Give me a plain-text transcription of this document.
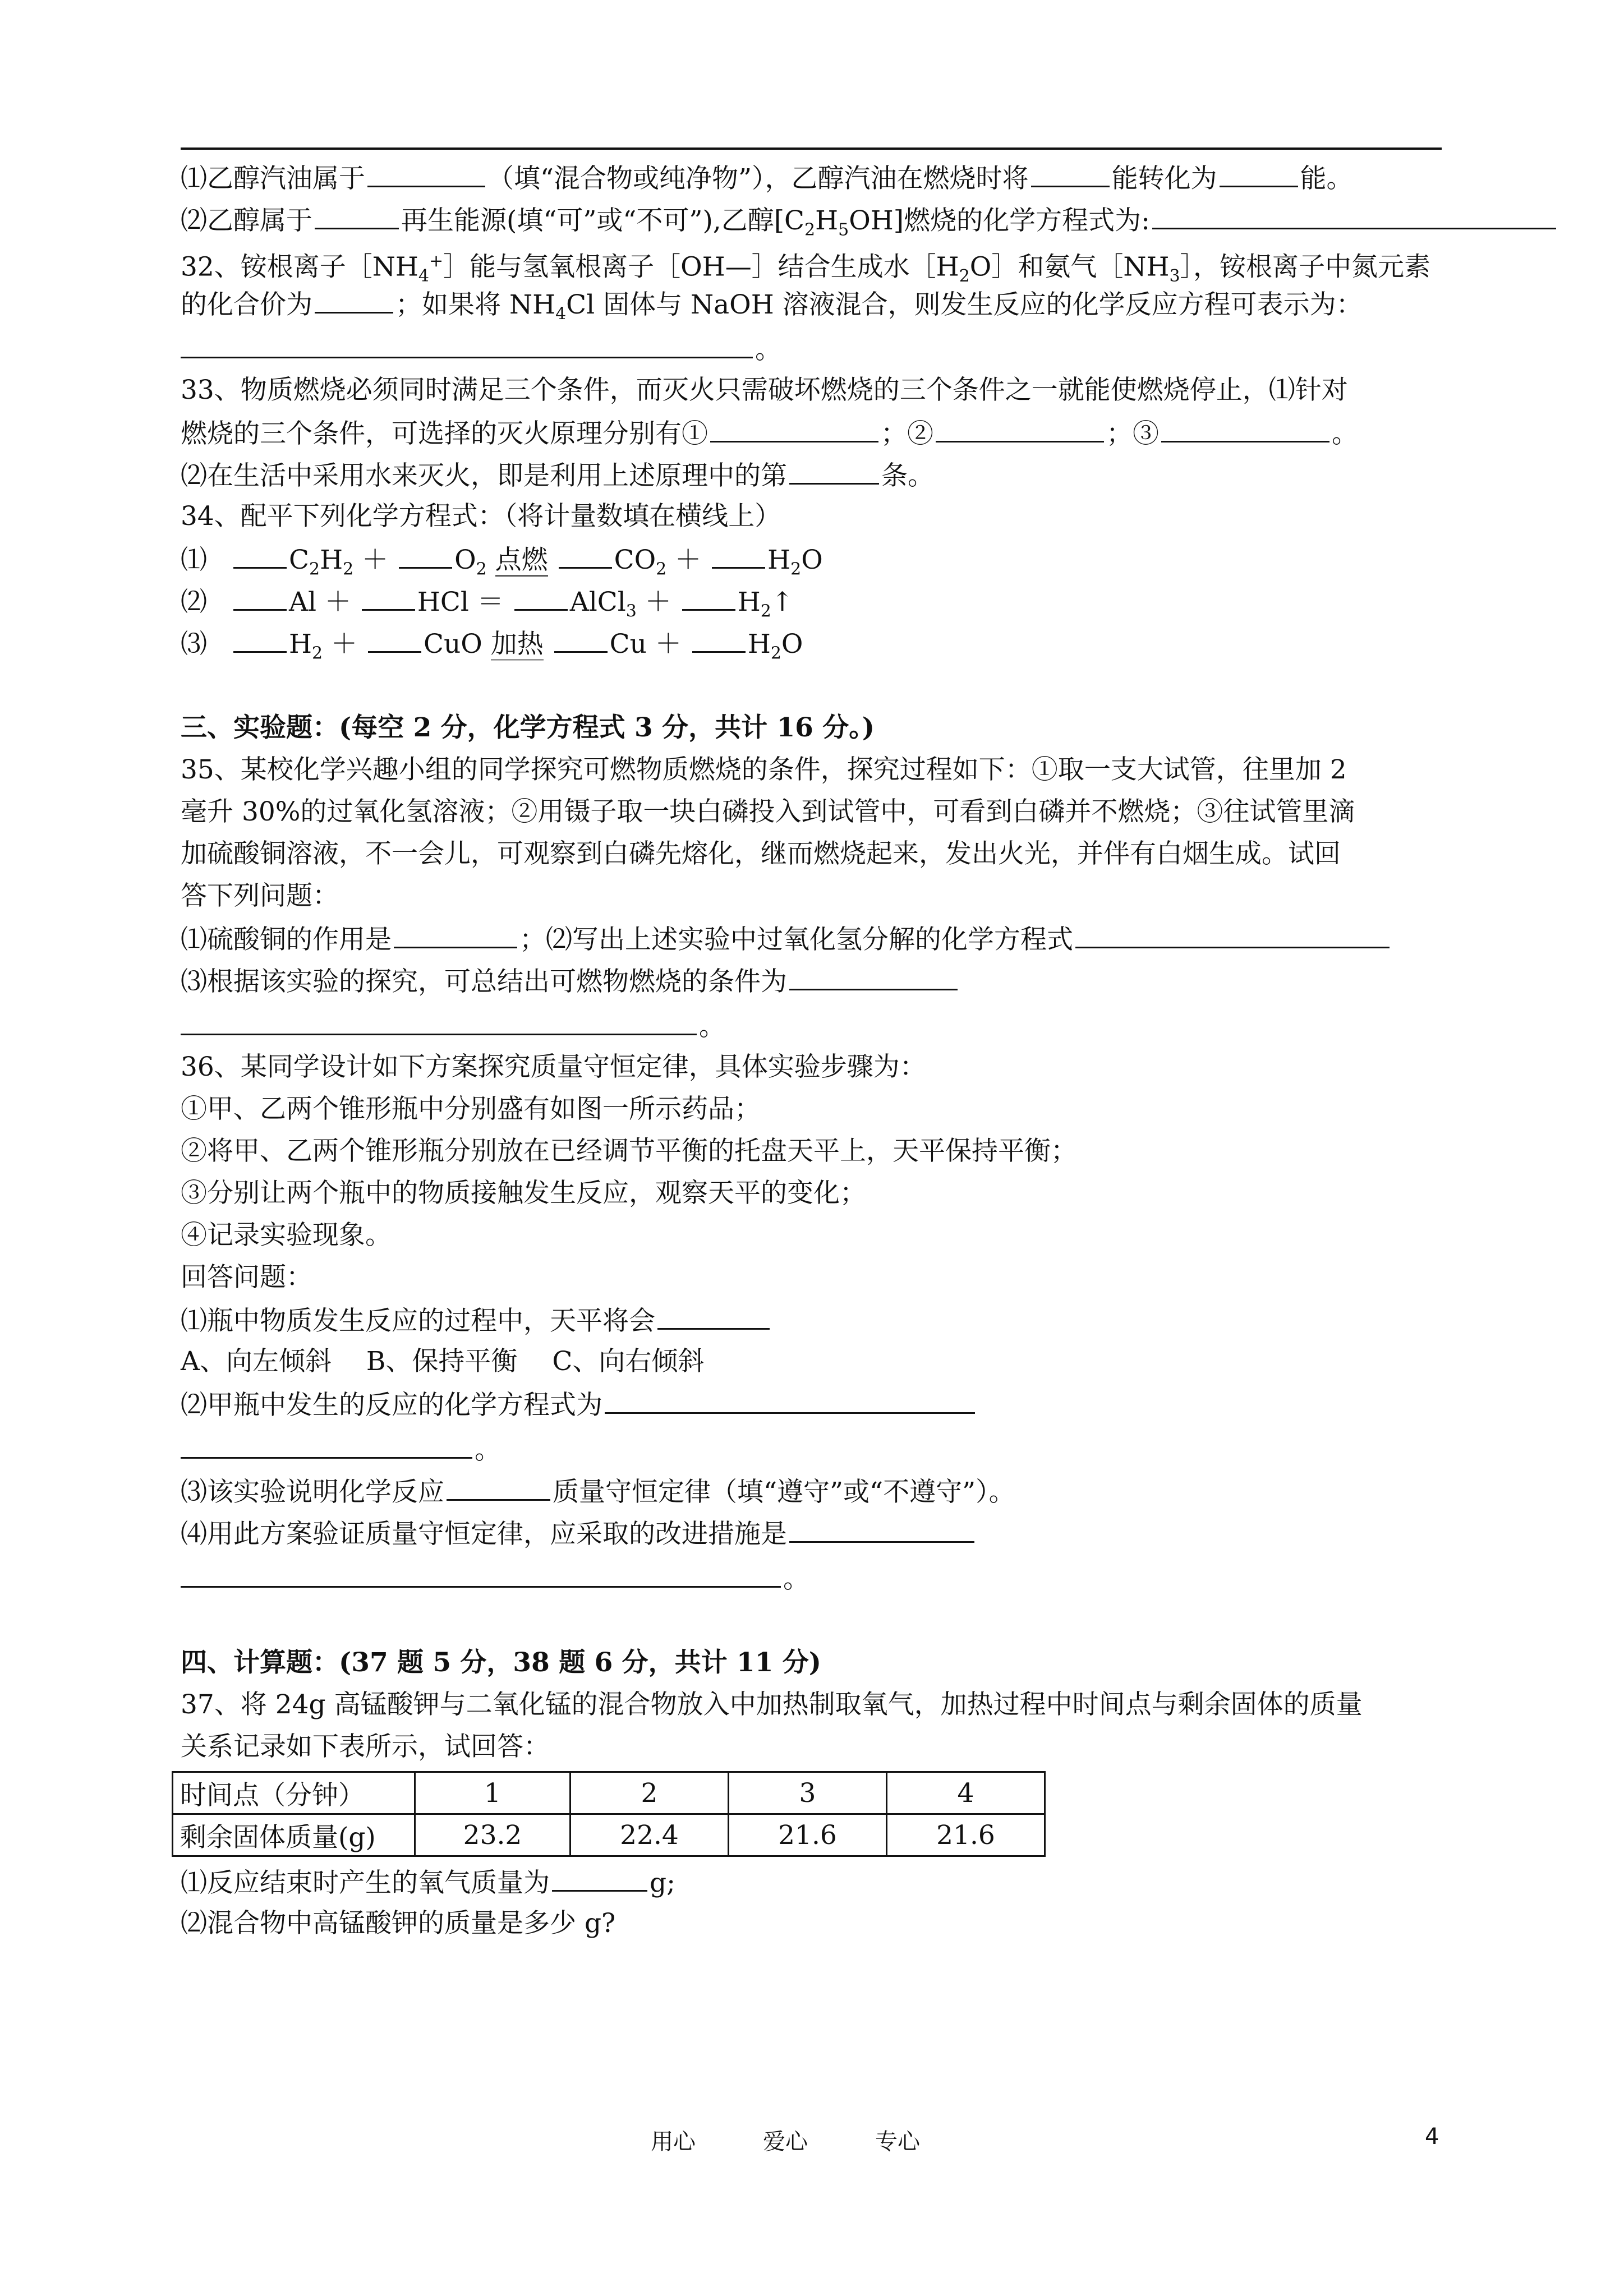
⑴乙醇汽油属于	（填“混合物或纯净物”），乙醇汽油在燃烧时将	能转化为	能。
⑵乙醇属于	再生能源(填“可”或“不可”),乙醇$[C_2H_5OH]$燃烧的化学方程式为:
32、铵根离子$[NH_4^+]$能与氢氧根离子［OH—］结合生成水$[H_2O]$和氨气$[NH_3]$，铵根离子中氮元素
的化合价为	；如果将 $NH_4Cl$ 固体与 NaOH 溶液混合，则发生反应的化学反应方程可表示为：
。
33、物质燃烧必须同时满足三个条件，而灭火只需破坏燃烧的三个条件之一就能使燃烧停止，⑴针对
燃烧的三个条件，可选择的灭火原理分别有①	；②	；③	。
⑵在生活中采用水来灭火，即是利用上述原理中的第	条。
34、配平下列化学方程式：（将计量数填在横线上）
⑴	$C_2H_2$ ＋	$O_2$ 点燃	$CO_2$ ＋	$H_2O$
⑵	Al ＋	HCl ＝	AlCl$_3$ ＋	$H_2↑$
⑶	$H_2$ ＋	CuO 加热	Cu ＋	$H_2O$
三、实验题：(每空 2 分，化学方程式 3 分，共计 16 分。)
35、某校化学兴趣小组的同学探究可燃物质燃烧的条件，探究过程如下：①取一支大试管，往里加 2
毫升 30%的过氧化氢溶液；②用镊子取一块白磷投入到试管中，可看到白磷并不燃烧；③往试管里滴
加硫酸铜溶液，不一会儿，可观察到白磷先熔化，继而燃烧起来，发出火光，并伴有白烟生成。试回
答下列问题：
⑴硫酸铜的作用是	；⑵写出上述实验中过氧化氢分解的化学方程式
⑶根据该实验的探究，可总结出可燃物燃烧的条件为
。
36、某同学设计如下方案探究质量守恒定律，具体实验步骤为：
①甲、乙两个锥形瓶中分别盛有如图一所示药品；
②将甲、乙两个锥形瓶分别放在已经调节平衡的托盘天平上，天平保持平衡；
③分别让两个瓶中的物质接触发生反应，观察天平的变化；
④记录实验现象。
回答问题：
⑴瓶中物质发生反应的过程中，天平将会
A、向左倾斜　 B、保持平衡　 C、向右倾斜
⑵甲瓶中发生的反应的化学方程式为
。
⑶该实验说明化学反应	质量守恒定律（填“遵守”或“不遵守”）。
⑷用此方案验证质量守恒定律，应采取的改进措施是
。
四、计算题：(37 题 5 分，38 题 6 分，共计 11 分)
37、将 24g 高锰酸钾与二氧化锰的混合物放入中加热制取氧气，加热过程中时间点与剩余固体的质量
关系记录如下表所示，试回答：
时间点（分钟）	1	2	3	4
剩余固体质量(g)	23.2	22.4	21.6	21.6
⑴反应结束时产生的氧气质量为	g;
⑵混合物中高锰酸钾的质量是多少 g?
用心	爱心	专心	4
